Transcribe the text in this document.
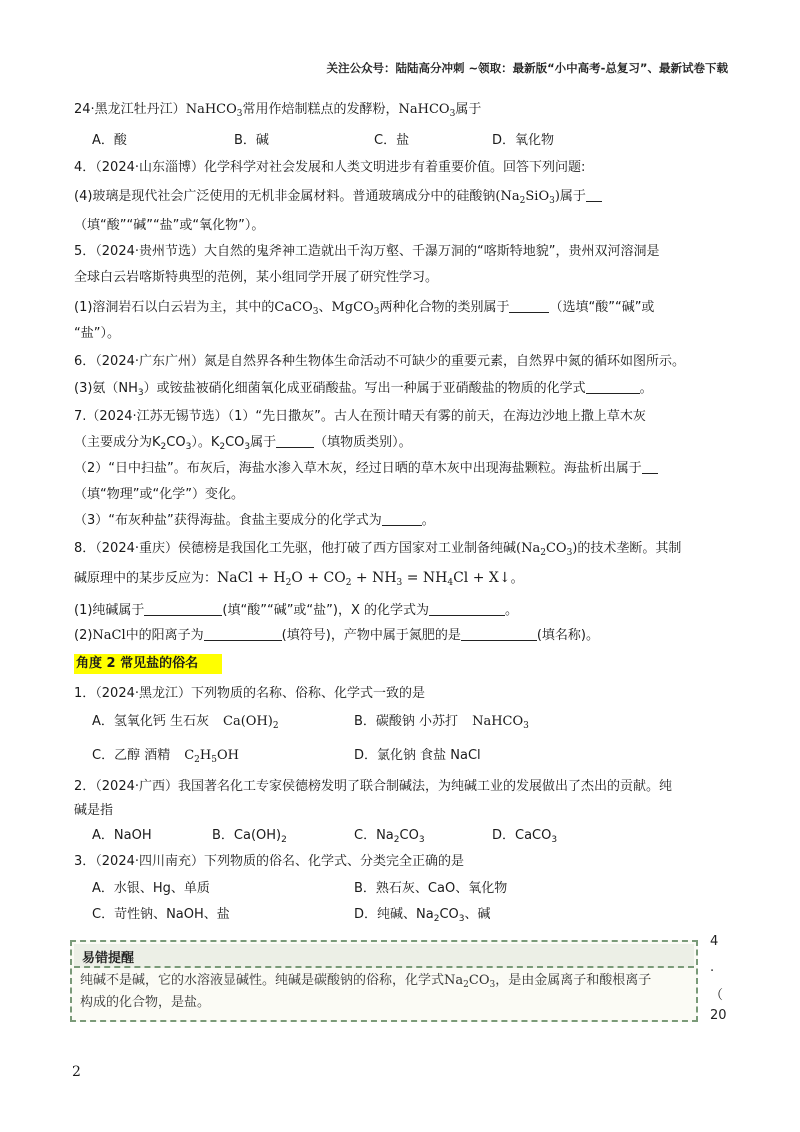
关注公众号：陆陆高分冲刺 ~领取：最新版“小中高考-总复习”、最新试卷下载
24·黑龙江牡丹江）NaHCO$_3$常用作焙制糕点的发酵粉，NaHCO$_3$属于
A．酸	B．碱	C．盐	D．氧化物
4．（2024·山东淄博）化学科学对社会发展和人类文明进步有着重要价值。回答下列问题:
(4)玻璃是现代社会广泛使用的无机非金属材料。普通玻璃成分中的硅酸钠$(Na_2SiO_3)$属于
（填“酸”“碱”“盐”或“氧化物”）。
5．（2024·贵州节选）大自然的鬼斧神工造就出千沟万壑、千瀑万洞的“喀斯特地貌”，贵州双河溶洞是
全球白云岩喀斯特典型的范例，某小组同学开展了研究性学习。
(1)溶洞岩石以白云岩为主，其中的CaCO$_3$、MgCO$_3$两种化合物的类别属于	（选填“酸”“碱”或
“盐”）。
6．（2024·广东广州）氮是自然界各种生物体生命活动不可缺少的重要元素，自然界中氮的循环如图所示。
(3)氨$(NH_3)$或铵盐被硝化细菌氧化成亚硝酸盐。写出一种属于亚硝酸盐的物质的化学式	。
7.（2024·江苏无锡节选）（1）“先日撒灰”。古人在预计晴天有雾的前天，在海边沙地上撒上草木灰
（主要成分为$K_2CO_3$）。$K_2CO_3$属于	（填物质类别）。
（2）“日中扫盐”。布灰后，海盐水渗入草木灰，经过日晒的草木灰中出现海盐颗粒。海盐析出属于
（填“物理”或“化学”）变化。
（3）“布灰种盐”获得海盐。食盐主要成分的化学式为	。
8．（2024·重庆）侯德榜是我国化工先驱，他打破了西方国家对工业制备纯碱$(Na_2CO_3)$的技术垄断。其制
碱原理中的某步反应为：NaCl + $H_2O + CO_2 + NH_3 = NH_4Cl$ + X↓。
(1)纯碱属于	(填“酸”“碱”或“盐”)，X 的化学式为	。
(2)NaCl中的阳离子为	(填符号)，产物中属于氮肥的是	(填名称)。
角度 2 常见盐的俗名
1．（2024·黑龙江）下列物质的名称、俗称、化学式一致的是
A．氢氧化钙 生石灰 $Ca(OH)_2$	B．碳酸钠 小苏打 NaHCO$_3$
C．乙醇 酒精 $C_2H_5OH$	D．氯化钠 食盐 NaCl
2．（2024·广西）我国著名化工专家侯德榜发明了联合制碱法，为纯碱工业的发展做出了杰出的贡献。纯
碱是指
A．NaOH	B．$Ca(OH)_2$	C．$Na_2CO_3$	D．CaCO$_3$
3．（2024·四川南充）下列物质的俗名、化学式、分类完全正确的是
A．水银、Hg、单质	B．熟石灰、CaO、氧化物
C．苛性钠、NaOH、盐	D．纯碱、$Na_2CO_3$、碱
易错提醒
纯碱不是碱，它的水溶液显碱性。纯碱是碳酸钠的俗称，化学式$Na_2CO_3$，是由金属离子和酸根离子
构成的化合物，是盐。
4
.
（
20
2
